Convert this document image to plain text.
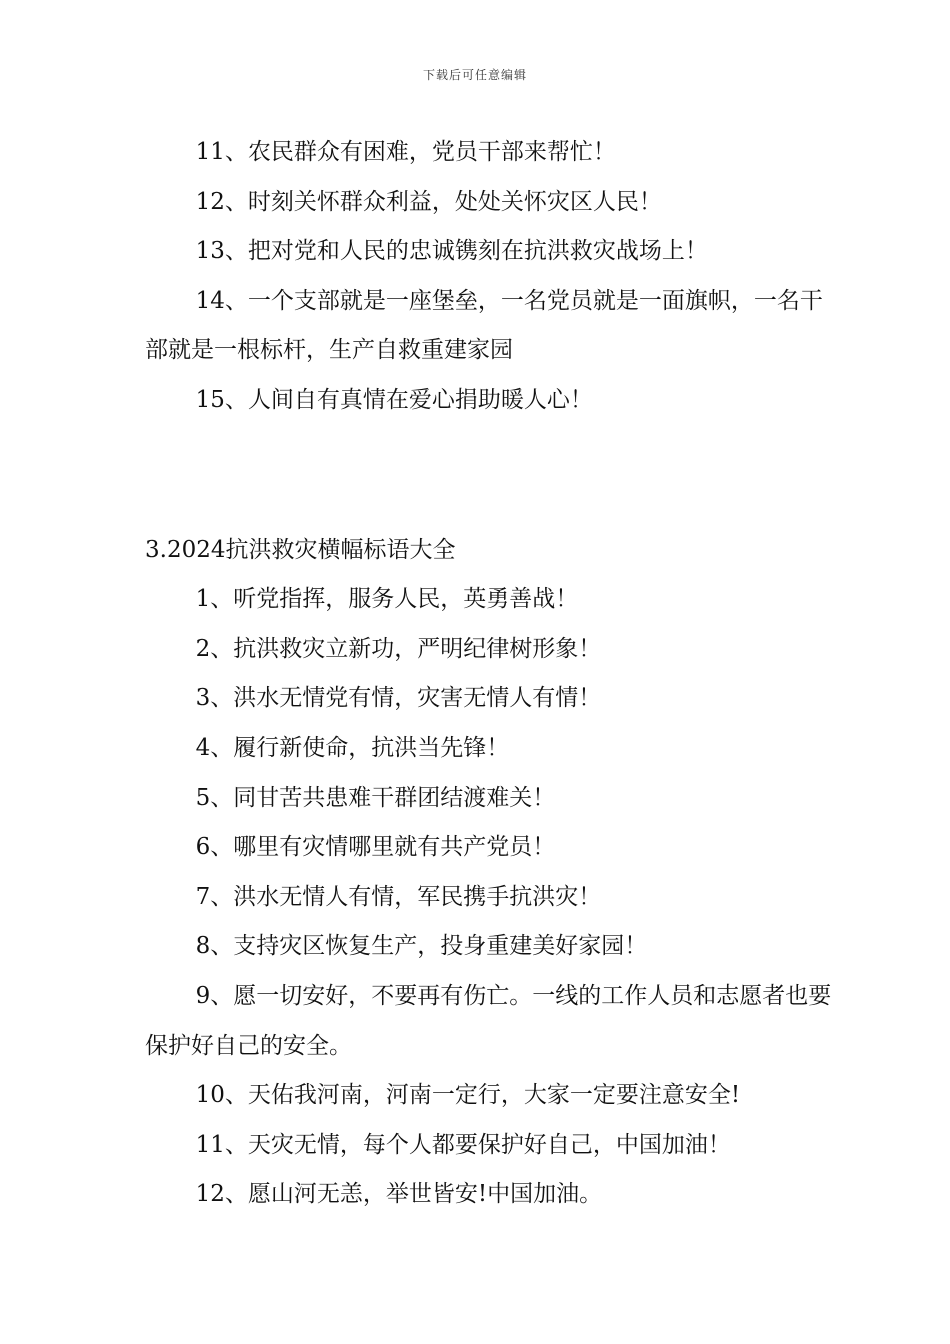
下载后可任意编辑

11、农民群众有困难，党员干部来帮忙！

12、时刻关怀群众利益，处处关怀灾区人民！

13、把对党和人民的忠诚镌刻在抗洪救灾战场上！

14、一个支部就是一座堡垒，一名党员就是一面旗帜，一名干部就是一根标杆，生产自救重建家园

15、人间自有真情在爱心捐助暖人心！

3.2024抗洪救灾横幅标语大全

1、听党指挥，服务人民，英勇善战！

2、抗洪救灾立新功，严明纪律树形象！

3、洪水无情党有情，灾害无情人有情！

4、履行新使命，抗洪当先锋！

5、同甘苦共患难干群团结渡难关！

6、哪里有灾情哪里就有共产党员！

7、洪水无情人有情，军民携手抗洪灾！

8、支持灾区恢复生产，投身重建美好家园！

9、愿一切安好，不要再有伤亡。一线的工作人员和志愿者也要保护好自己的安全。

10、天佑我河南，河南一定行，大家一定要注意安全!

11、天灾无情，每个人都要保护好自己，中国加油！

12、愿山河无恙，举世皆安!中国加油。
